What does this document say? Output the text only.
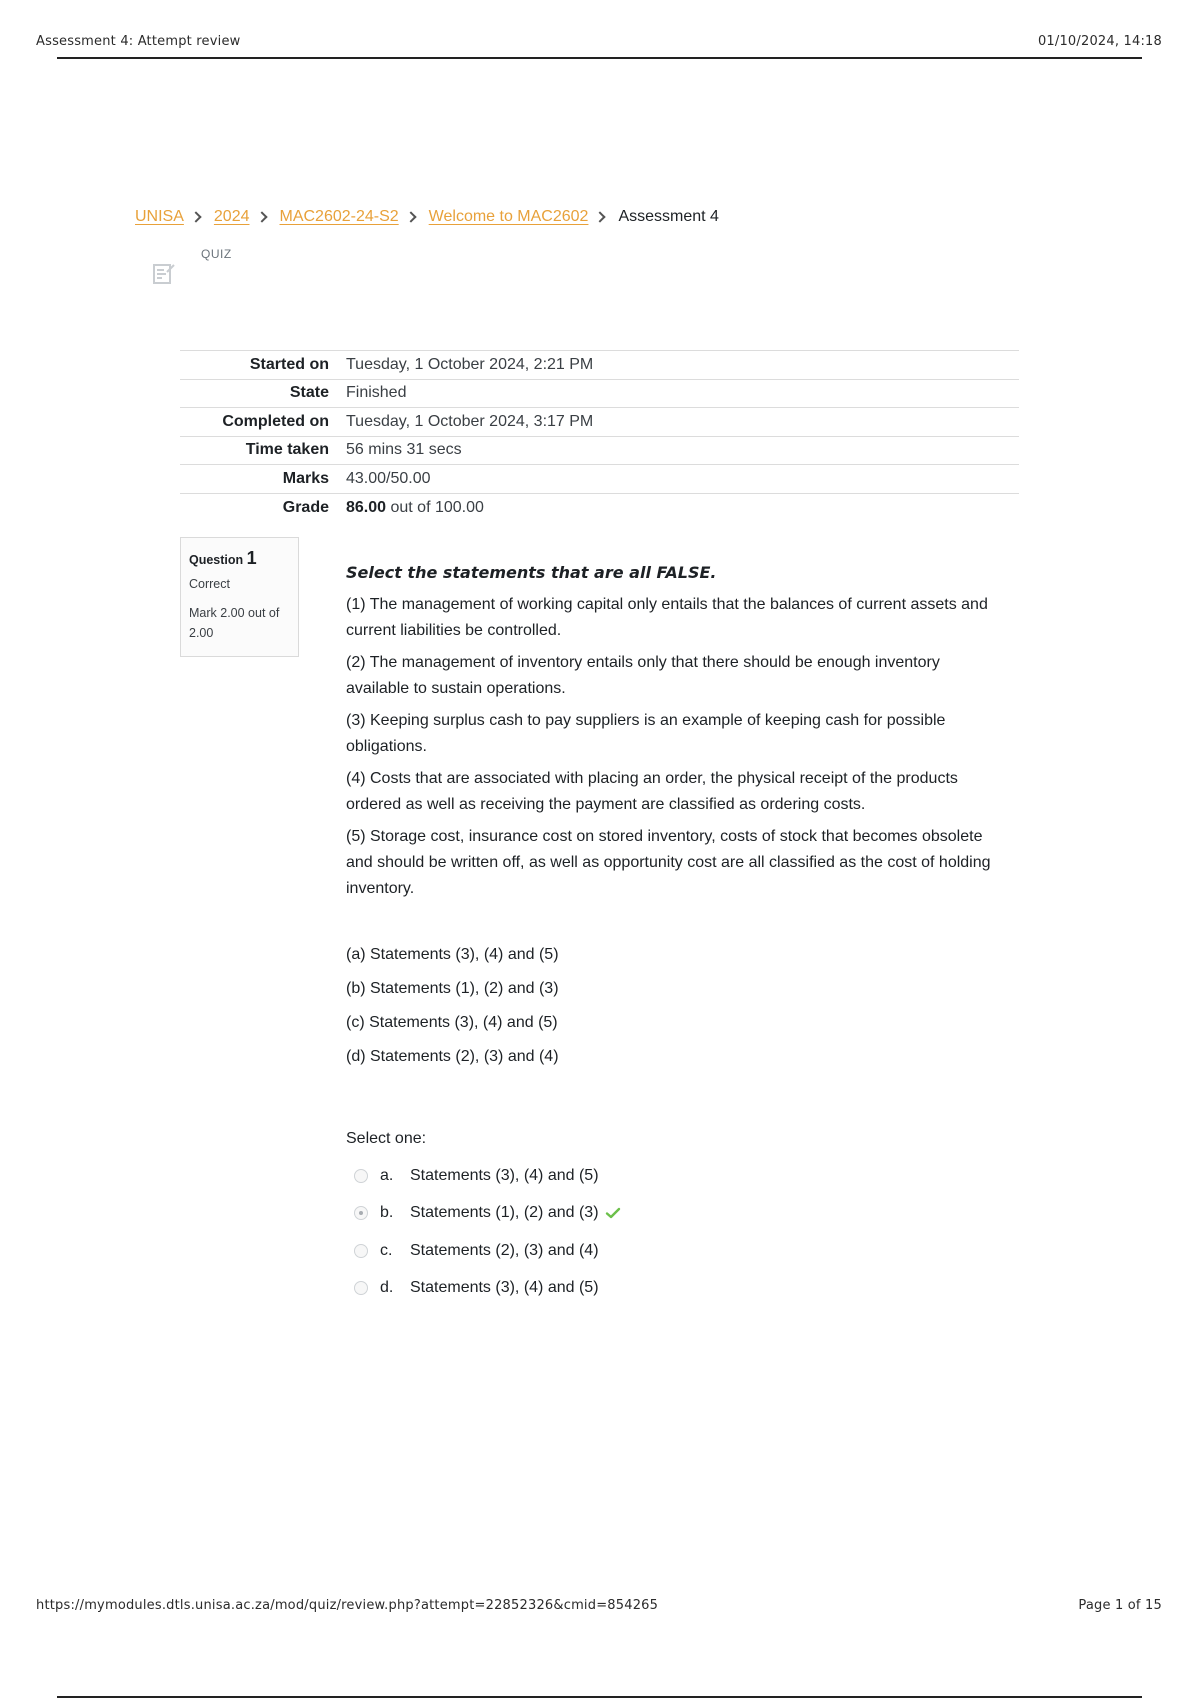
Assessment 4: Attempt review	01/10/2024, 14:18
UNISA 2024 MAC2602-24-S2 Welcome to MAC2602 Assessment 4
QUIZ
Started on	Tuesday, 1 October 2024, 2:21 PM
State	Finished
Completed on	Tuesday, 1 October 2024, 3:17 PM
Time taken	56 mins 31 secs
Marks	43.00/50.00
Grade	86.00 out of 100.00
Question 1
Correct
Mark 2.00 out of 2.00
Select the statements that are all FALSE.
(1) The management of working capital only entails that the balances of current assets and current liabilities be controlled.
(2) The management of inventory entails only that there should be enough inventory available to sustain operations.
(3) Keeping surplus cash to pay suppliers is an example of keeping cash for possible obligations.
(4) Costs that are associated with placing an order, the physical receipt of the products ordered as well as receiving the payment are classified as ordering costs.
(5) Storage cost, insurance cost on stored inventory, costs of stock that becomes obsolete and should be written off, as well as opportunity cost are all classified as the cost of holding inventory.
(a) Statements (3), (4) and (5)
(b) Statements (1), (2) and (3)
(c) Statements (3), (4) and (5)
(d) Statements (2), (3) and (4)
Select one:
a.	Statements (3), (4) and (5)
b.	Statements (1), (2) and (3)
c.	Statements (2), (3) and (4)
d.	Statements (3), (4) and (5)
https://mymodules.dtls.unisa.ac.za/mod/quiz/review.php?attempt=22852326&cmid=854265	Page 1 of 15
